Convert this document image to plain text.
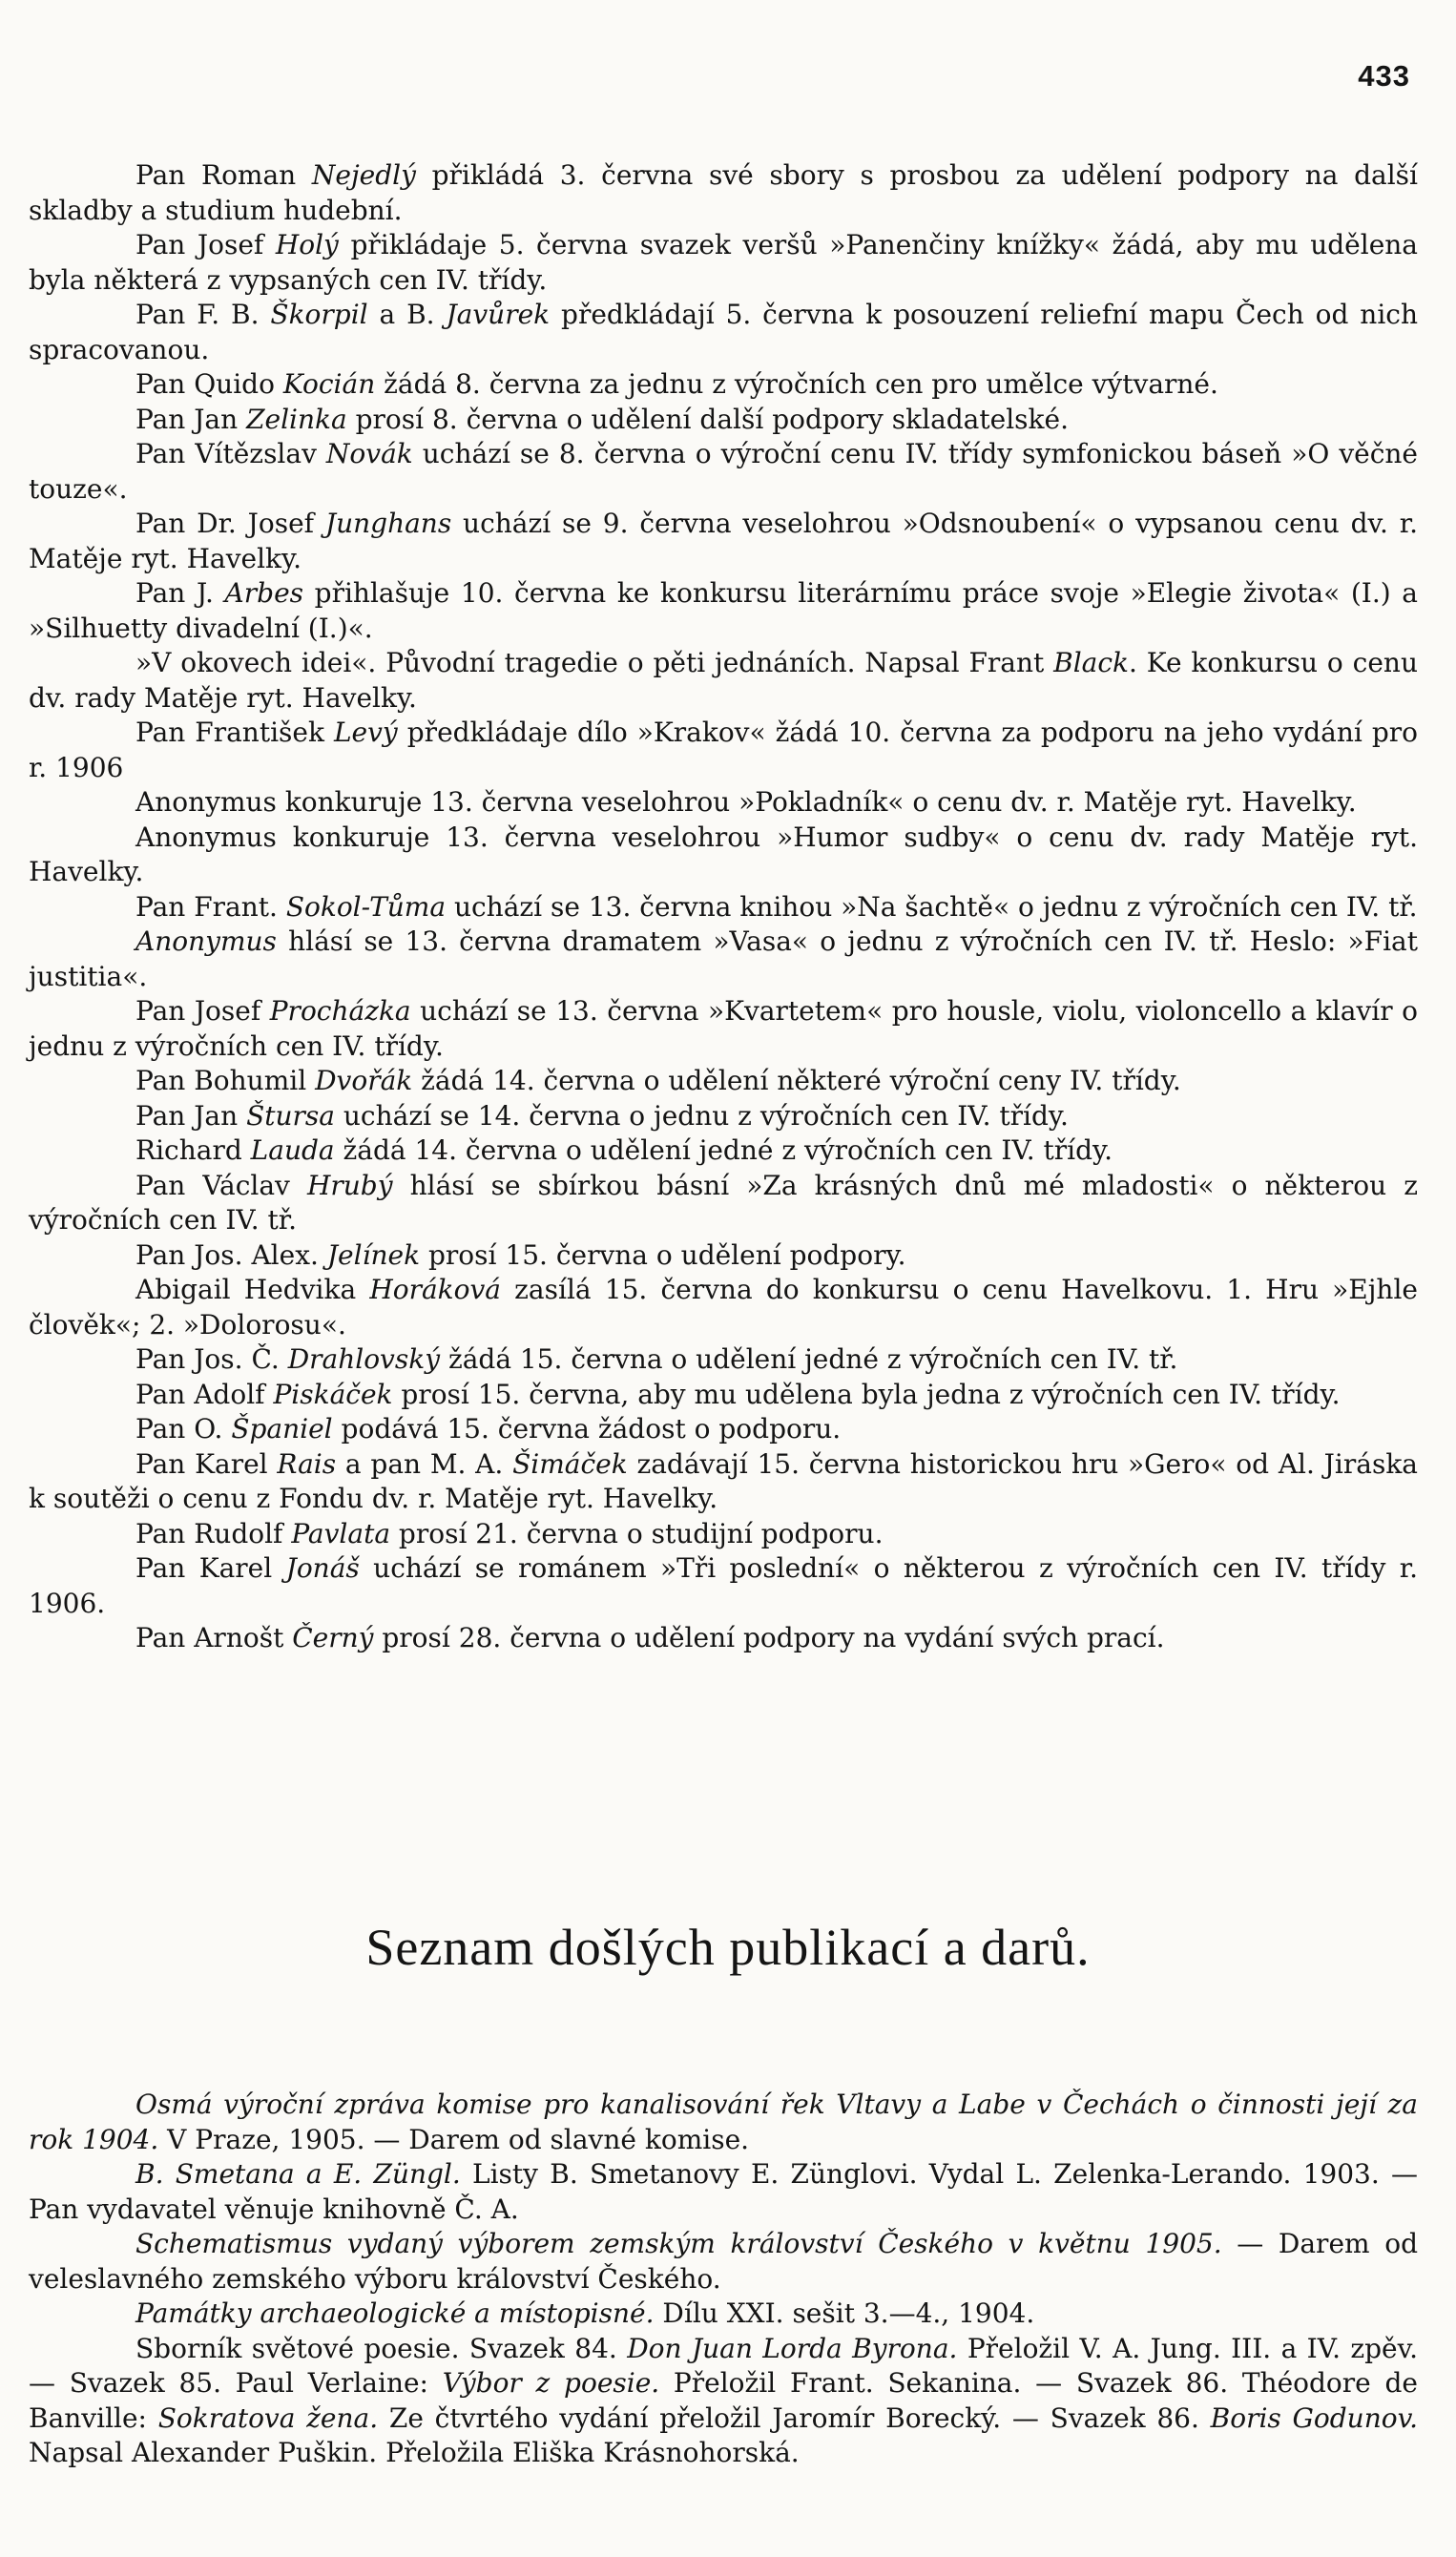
433

Pan Roman Nejedlý přikládá 3. června své sbory s prosbou za udělení podpory na další skladby a studium hudební.

Pan Josef Holý přikládaje 5. června svazek veršů »Panenčiny knížky« žádá, aby mu udělena byla některá z vypsaných cen IV. třídy.

Pan F. B. Škorpil a B. Javůrek předkládají 5. června k posouzení reliefní mapu Čech od nich spracovanou.

Pan Quido Kocián žádá 8. června za jednu z výročních cen pro umělce výtvarné.

Pan Jan Zelinka prosí 8. června o udělení další podpory skladatelské.

Pan Vítězslav Novák uchází se 8. června o výroční cenu IV. třídy symfonickou báseň »O věčné touze«.

Pan Dr. Josef Junghans uchází se 9. června veselohrou »Odsnoubení« o vypsanou cenu dv. r. Matěje ryt. Havelky.

Pan J. Arbes přihlašuje 10. června ke konkursu literárnímu práce svoje »Elegie života« (I.) a »Silhuetty divadelní (I.)«.

»V okovech idei«. Původní tragedie o pěti jednáních. Napsal Frant Black. Ke konkursu o cenu dv. rady Matěje ryt. Havelky.

Pan František Levý předkládaje dílo »Krakov« žádá 10. června za podporu na jeho vydání pro r. 1906

Anonymus konkuruje 13. června veselohrou »Pokladník« o cenu dv. r. Matěje ryt. Havelky.

Anonymus konkuruje 13. června veselohrou »Humor sudby« o cenu dv. rady Matěje ryt. Havelky.

Pan Frant. Sokol-Tůma uchází se 13. června knihou »Na šachtě« o jednu z výročních cen IV. tř.

Anonymus hlásí se 13. června dramatem »Vasa« o jednu z výročních cen IV. tř. Heslo: »Fiat justitia«.

Pan Josef Procházka uchází se 13. června »Kvartetem« pro housle, violu, violoncello a klavír o jednu z výročních cen IV. třídy.

Pan Bohumil Dvořák žádá 14. června o udělení některé výroční ceny IV. třídy.

Pan Jan Štursa uchází se 14. června o jednu z výročních cen IV. třídy.

Richard Lauda žádá 14. června o udělení jedné z výročních cen IV. třídy.

Pan Václav Hrubý hlásí se sbírkou básní »Za krásných dnů mé mladosti« o některou z výročních cen IV. tř.

Pan Jos. Alex. Jelínek prosí 15. června o udělení podpory.

Abigail Hedvika Horáková zasílá 15. června do konkursu o cenu Havelkovu. 1. Hru »Ejhle člověk«; 2. »Dolorosu«.

Pan Jos. Č. Drahlovský žádá 15. června o udělení jedné z výročních cen IV. tř.

Pan Adolf Piskáček prosí 15. června, aby mu udělena byla jedna z výročních cen IV. třídy.

Pan O. Španiel podává 15. června žádost o podporu.

Pan Karel Rais a pan M. A. Šimáček zadávají 15. června historickou hru »Gero« od Al. Jiráska k soutěži o cenu z Fondu dv. r. Matěje ryt. Havelky.

Pan Rudolf Pavlata prosí 21. června o studijní podporu.

Pan Karel Jonáš uchází se románem »Tři poslední« o některou z výročních cen IV. třídy r. 1906.

Pan Arnošt Černý prosí 28. června o udělení podpory na vydání svých prací.

Seznam došlých publikací a darů.

Osmá výroční zpráva komise pro kanalisování řek Vltavy a Labe v Čechách o činnosti její za rok 1904. V Praze, 1905. — Darem od slavné komise.

B. Smetana a E. Züngl. Listy B. Smetanovy E. Zünglovi. Vydal L. Zelenka-Lerando. 1903. — Pan vydavatel věnuje knihovně Č. A.

Schematismus vydaný výborem zemským království Českého v květnu 1905. — Darem od veleslavného zemského výboru království Českého.

Památky archaeologické a místopisné. Dílu XXI. sešit 3.—4., 1904.

Sborník světové poesie. Svazek 84. Don Juan Lorda Byrona. Přeložil V. A. Jung. III. a IV. zpěv. — Svazek 85. Paul Verlaine: Výbor z poesie. Přeložil Frant. Sekanina. — Svazek 86. Théodore de Banville: Sokratova žena. Ze čtvrtého vydání přeložil Jaromír Borecký. — Svazek 86. Boris Godunov. Napsal Alexander Puškin. Přeložila Eliška Krásnohorská.
